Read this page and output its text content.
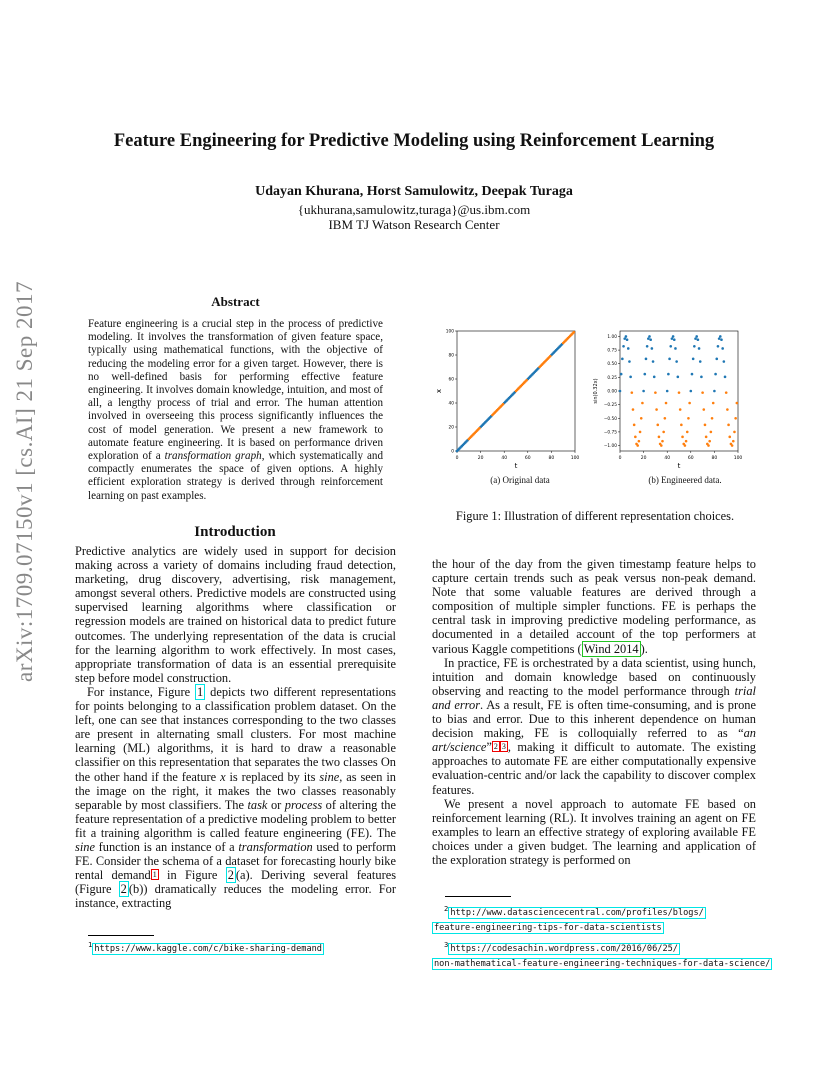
arXiv:1709.07150v1 [cs.AI] 21 Sep 2017
Feature Engineering for Predictive Modeling using Reinforcement Learning
Udayan Khurana, Horst Samulowitz, Deepak Turaga
{ukhurana,samulowitz,turaga}@us.ibm.com
IBM TJ Watson Research Center
Abstract
Feature engineering is a crucial step in the process of predictive modeling. It involves the transformation of given feature space, typically using mathematical functions, with the objective of reducing the modeling error for a given target. However, there is no well-defined basis for performing effective feature engineering. It involves domain knowledge, intuition, and most of all, a lengthy process of trial and error. The human attention involved in overseeing this process significantly influences the cost of model generation. We present a new framework to automate feature engineering. It is based on performance driven exploration of a transformation graph, which systematically and compactly enumerates the space of given options. A highly efficient exploration strategy is derived through reinforcement learning on past examples.
0	20	40	60	80	100
0
20
40
60
80
100
t
x
0	20	40	60	80	100
1.00
0.75
0.50
0.25
0.00
−0.25
−0.50
−0.75
−1.00
t
sin(0.32x)
(a) Original data	(b) Engineered data.
Figure 1: Illustration of different representation choices.
Introduction

Predictive analytics are widely used in support for decision making across a variety of domains including fraud detection, marketing, drug discovery, advertising, risk management, amongst several others. Predictive models are constructed using supervised learning algorithms where classification or regression models are trained on historical data to predict future outcomes. The underlying representation of the data is crucial for the learning algorithm to work effectively. In most cases, appropriate transformation of data is an essential prerequisite step before model construction.

For instance, Figure 1 depicts two different representations for points belonging to a classification problem dataset. On the left, one can see that instances corresponding to the two classes are present in alternating small clusters. For most machine learning (ML) algorithms, it is hard to draw a reasonable classifier on this representation that separates the two classes On the other hand if the feature x is replaced by its sine, as seen in the image on the right, it makes the two classes reasonably separable by most classifiers. The task or process of altering the feature representation of a predictive modeling problem to better fit a training algorithm is called feature engineering (FE). The sine function is an instance of a transformation used to perform FE. Consider the schema of a dataset for forecasting hourly bike rental demand $^1$ in Figure 2 (a). Deriving several features (Figure 2 (b)) dramatically reduces the modeling error. For instance, extracting

$^1$ https://www.kaggle.com/c/bike-sharing-demand

the hour of the day from the given timestamp feature helps to capture certain trends such as peak versus non-peak demand. Note that some valuable features are derived through a composition of multiple simpler functions. FE is perhaps the central task in improving predictive modeling performance, as documented in a detailed account of the top performers at various Kaggle competitions ( Wind 2014 ).

In practice, FE is orchestrated by a data scientist, using hunch, intuition and domain knowledge based on continuously observing and reacting to the model performance through trial and error. As a result, FE is often time-consuming, and is prone to bias and error. Due to this inherent dependence on human decision making, FE is colloquially referred to as “an art/science” $^2$ $^3$ , making it difficult to automate. The existing approaches to automate FE are either computationally expensive evaluation-centric and/or lack the capability to discover complex features.

We present a novel approach to automate FE based on reinforcement learning (RL). It involves training an agent on FE examples to learn an effective strategy of exploring available FE choices under a given budget. The learning and application of the exploration strategy is performed on

$^2$ http://www.datasciencecentral.com/profiles/blogs/
feature-engineering-tips-for-data-scientists
$^3$ https://codesachin.wordpress.com/2016/06/25/
non-mathematical-feature-engineering-techniques-for-data-science/
